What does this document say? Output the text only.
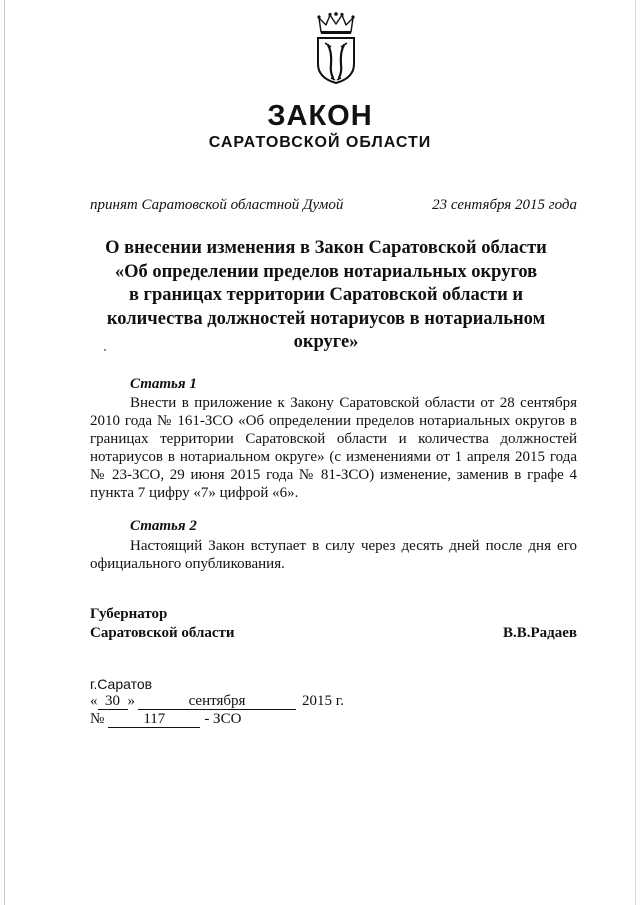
ЗАКОН
САРАТОВСКОЙ ОБЛАСТИ
принят Саратовской областной Думой	23 сентября 2015 года
О внесении изменения в Закон Саратовской области
«Об определении пределов нотариальных округов
в границах территории Саратовской области и
количества должностей нотариусов в нотариальном
округе»
Статья 1
Внести в приложение к Закону Саратовской области от 28 сентября 2010 года № 161-ЗСО «Об определении пределов нотариальных округов в границах территории Саратовской области и количества должностей нотариусов в нотариальном округе» (с изменениями от 1 апреля 2015 года № 23-ЗСО, 29 июня 2015 года № 81-ЗСО) изменение, заменив в графе 4 пункта 7 цифру «7» цифрой «6».
Статья 2
Настоящий Закон вступает в силу через десять дней после дня его официального опубликования.
Губернатор
Саратовской области	В.В.Радаев
г.Саратов
« 30 »	сентября	2015 г.
№	117	- ЗСО
